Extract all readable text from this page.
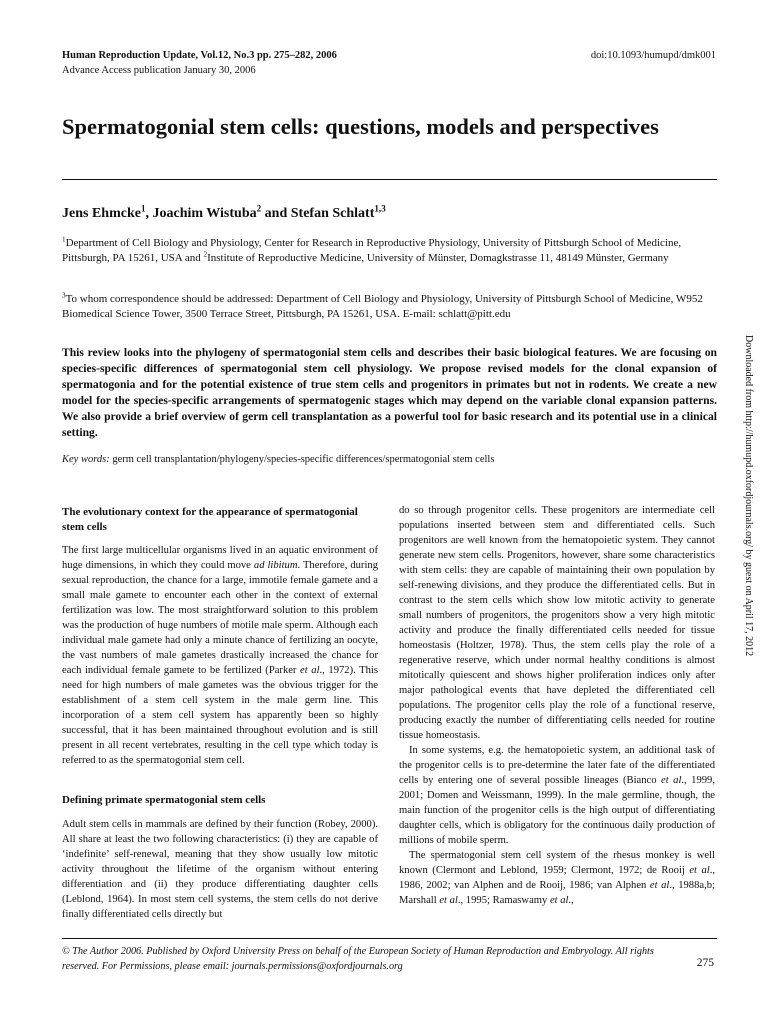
Human Reproduction Update, Vol.12, No.3 pp. 275–282, 2006
Advance Access publication January 30, 2006
doi:10.1093/humupd/dmk001
Spermatogonial stem cells: questions, models and perspectives
Jens Ehmcke$^1$, Joachim Wistuba$^2$ and Stefan Schlatt$^{1,3}$
$^1$Department of Cell Biology and Physiology, Center for Research in Reproductive Physiology, University of Pittsburgh School of Medicine, Pittsburgh, PA 15261, USA and $^2$Institute of Reproductive Medicine, University of Münster, Domagkstrasse 11, 48149 Münster, Germany
$^3$To whom correspondence should be addressed: Department of Cell Biology and Physiology, University of Pittsburgh School of Medicine, W952 Biomedical Science Tower, 3500 Terrace Street, Pittsburgh, PA 15261, USA. E-mail: schlatt@pitt.edu
This review looks into the phylogeny of spermatogonial stem cells and describes their basic biological features. We are focusing on species-specific differences of spermatogonial stem cell physiology. We propose revised models for the clonal expansion of spermatogonia and for the potential existence of true stem cells and progenitors in primates but not in rodents. We create a new model for the species-specific arrangements of spermatogenic stages which may depend on the variable clonal expansion patterns. We also provide a brief overview of germ cell transplantation as a powerful tool for basic research and its potential use in a clinical setting.
Key words: germ cell transplantation/phylogeny/species-specific differences/spermatogonial stem cells
The evolutionary context for the appearance of spermatogonial stem cells

The first large multicellular organisms lived in an aquatic environment of huge dimensions, in which they could move ad libitum. Therefore, during sexual reproduction, the chance for a large, immotile female gamete and a small male gamete to encounter each other in the context of external fertilization was low. The most straightforward solution to this problem was the production of huge numbers of motile male sperm. Although each individual male gamete had only a minute chance of fertilizing an oocyte, the vast numbers of male gametes drastically increased the chance for each individual female gamete to be fertilized (Parker et al., 1972). This need for high numbers of male gametes was the obvious trigger for the establishment of a stem cell system in the male germ line. This incorporation of a stem cell system has apparently been so highly successful, that it has been maintained throughout evolution and is still present in all recent vertebrates, resulting in the cell type which today is referred to as the spermatogonial stem cell.

Defining primate spermatogonial stem cells

Adult stem cells in mammals are defined by their function (Robey, 2000). All share at least the two following characteristics: (i) they are capable of ‘indefinite’ self-renewal, meaning that they show usually low mitotic activity throughout the lifetime of the organism without entering differentiation and (ii) they produce differentiating daughter cells (Leblond, 1964). In most stem cell systems, the stem cells do not derive finally differentiated cells directly but

do so through progenitor cells. These progenitors are intermediate cell populations inserted between stem and differentiated cells. Such progenitors are well known from the hematopoietic system. They cannot generate new stem cells. Progenitors, however, share some characteristics with stem cells: they are capable of maintaining their own population by self-renewing divisions, and they produce the differentiated cells. But in contrast to the stem cells which show low mitotic activity to generate small numbers of progenitors, the progenitors show a very high mitotic activity and produce the finally differentiated cells needed for tissue homeostasis (Holtzer, 1978). Thus, the stem cells play the role of a regenerative reserve, which under normal healthy conditions is almost mitotically quiescent and shows higher proliferation indices only after major pathological events that have depleted the differentiated cell populations. The progenitor cells play the role of a functional reserve, producing exactly the number of differentiating cells needed for routine tissue homeostasis.

In some systems, e.g. the hematopoietic system, an additional task of the progenitor cells is to pre-determine the later fate of the differentiated cells by entering one of several possible lineages (Bianco et al., 1999, 2001; Domen and Weissmann, 1999). In the male germline, though, the main function of the progenitor cells is the high output of differentiating daughter cells, which is obligatory for the continuous daily production of millions of mobile sperm.

The spermatogonial stem cell system of the rhesus monkey is well known (Clermont and Leblond, 1959; Clermont, 1972; de Rooij et al., 1986, 2002; van Alphen and de Rooij, 1986; van Alphen et al., 1988a,b; Marshall et al., 1995; Ramaswamy et al.,

© The Author 2006. Published by Oxford University Press on behalf of the European Society of Human Reproduction and Embryology. All rights reserved. For Permissions, please email: journals.permissions@oxfordjournals.org	275
Downloaded from http://humupd.oxfordjournals.org/ by guest on April 17, 2012
